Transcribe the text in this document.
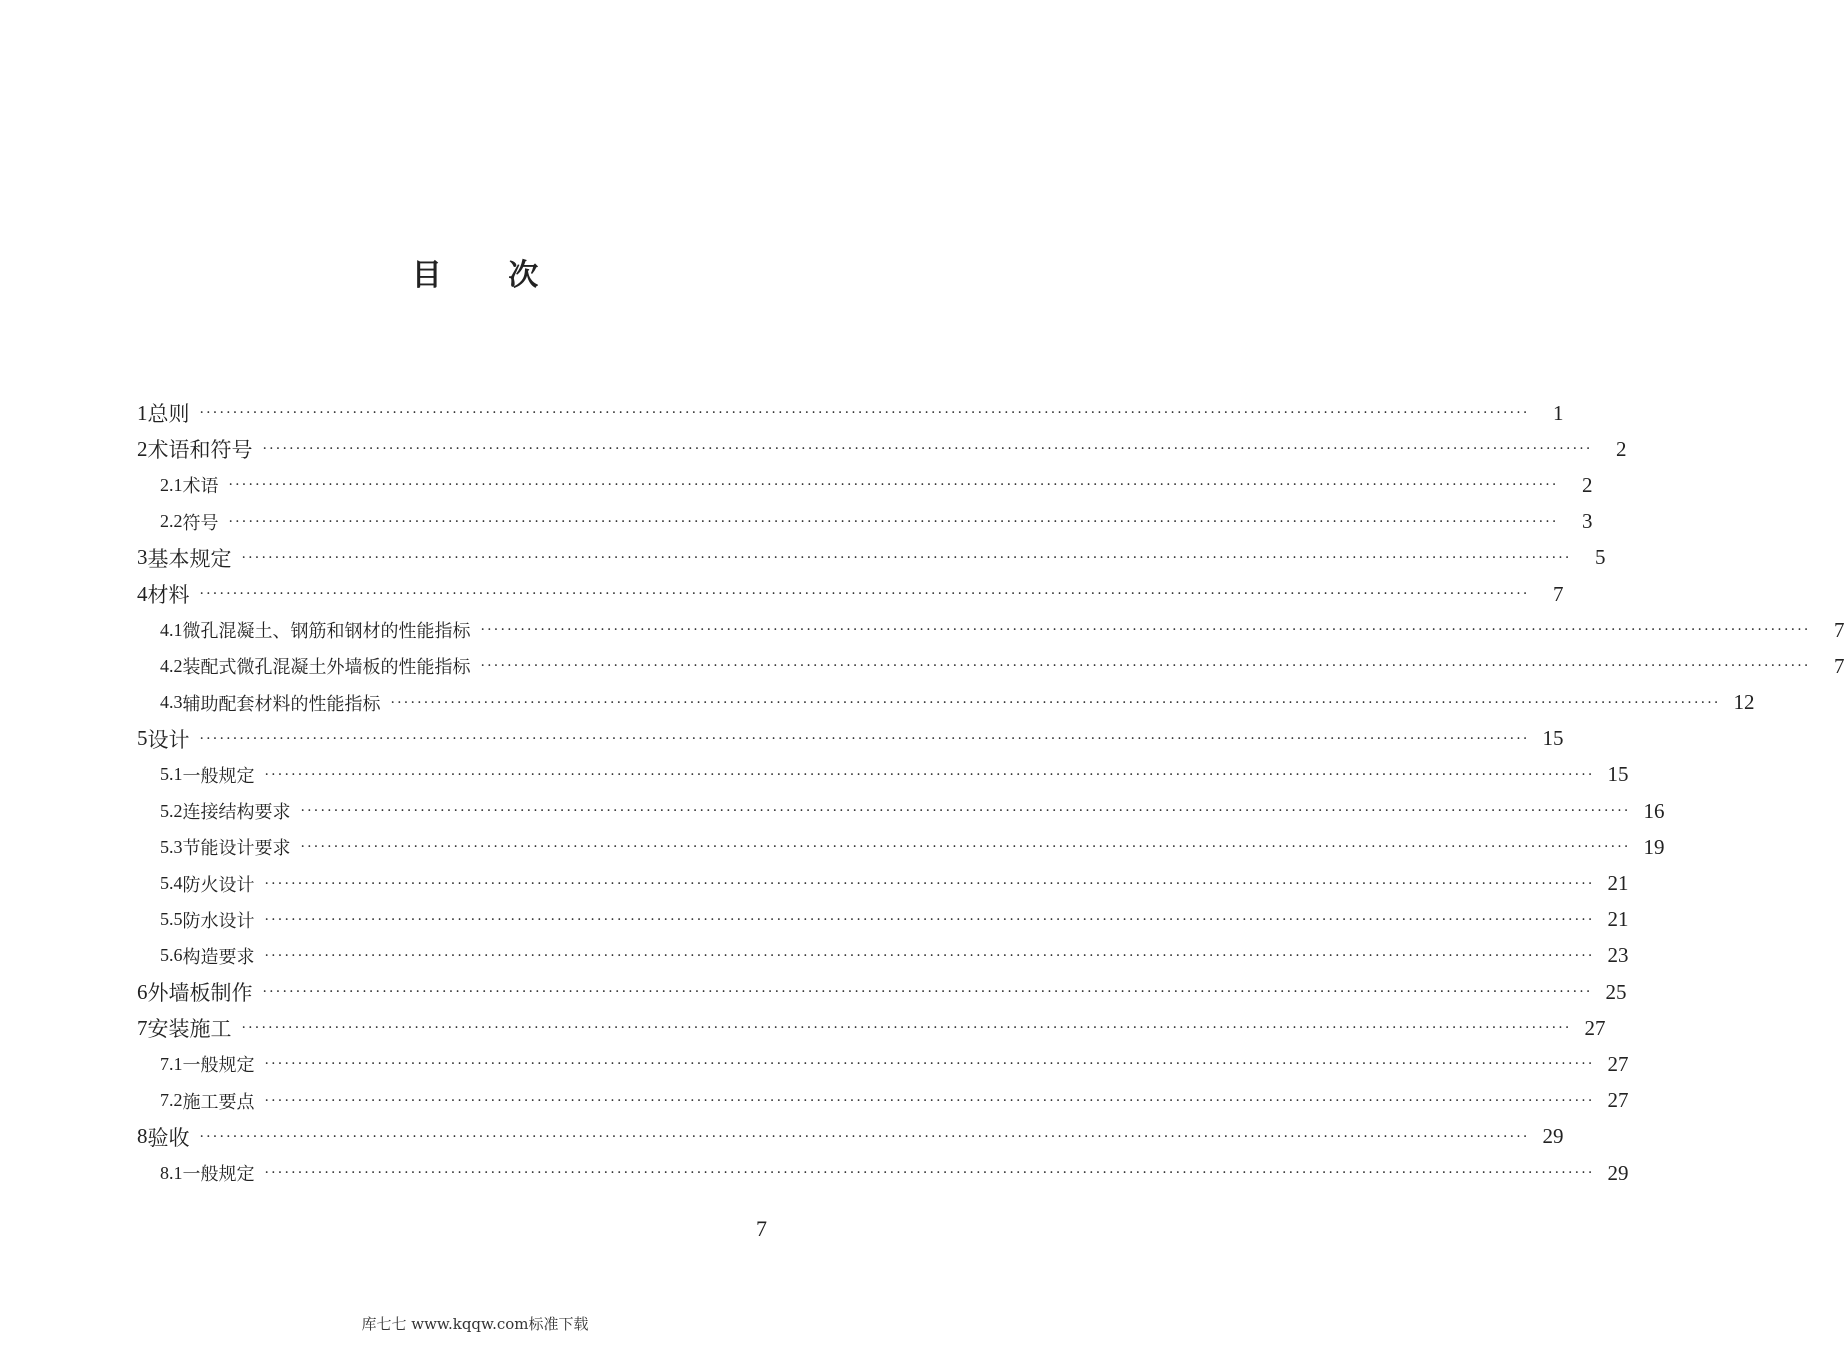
目 次
1 总则 ········································································································································································································	1
2 术语和符号 ········································································································································································································	2
2.1 术语 ········································································································································································································	2
2.2 符号 ········································································································································································································	3
3 基本规定 ········································································································································································································	5
4 材料 ········································································································································································································	7
4.1 微孔混凝土、钢筋和钢材的性能指标 ········································································································································································································	7
4.2 装配式微孔混凝土外墙板的性能指标 ········································································································································································································	7
4.3 辅助配套材料的性能指标 ········································································································································································································ 12
5 设计 ········································································································································································································ 15
5.1 一般规定 ········································································································································································································ 15
5.2 连接结构要求 ········································································································································································································ 16
5.3 节能设计要求 ········································································································································································································ 19
5.4 防火设计 ········································································································································································································ 21
5.5 防水设计 ········································································································································································································ 21
5.6 构造要求 ········································································································································································································ 23
6 外墙板制作 ········································································································································································································ 25
7 安装施工 ········································································································································································································ 27
7.1 一般规定 ········································································································································································································ 27
7.2 施工要点 ········································································································································································································ 27
8 验收 ········································································································································································································ 29
8.1 一般规定 ········································································································································································································ 29
7
库七七 www.kqqw.com标准下载
